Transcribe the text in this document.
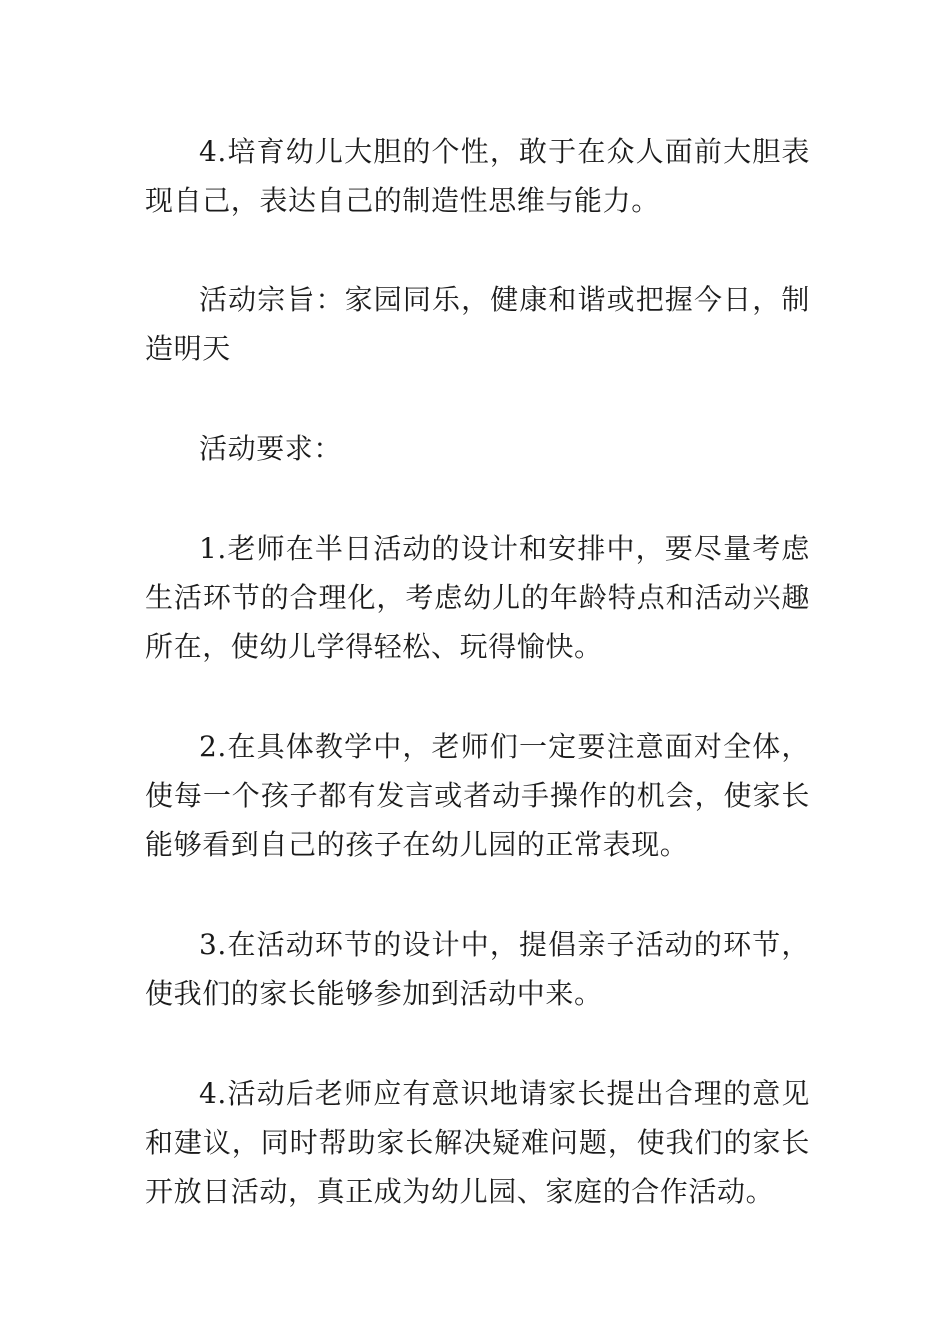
4.培育幼儿大胆的个性，敢于在众人面前大胆表现自己，表达自己的制造性思维与能力。

活动宗旨：家园同乐，健康和谐或把握今日，制造明天

活动要求：

1.老师在半日活动的设计和安排中，要尽量考虑生活环节的合理化，考虑幼儿的年龄特点和活动兴趣所在，使幼儿学得轻松、玩得愉快。

2.在具体教学中，老师们一定要注意面对全体，使每一个孩子都有发言或者动手操作的机会，使家长能够看到自己的孩子在幼儿园的正常表现。

3.在活动环节的设计中，提倡亲子活动的环节，使我们的家长能够参加到活动中来。

4.活动后老师应有意识地请家长提出合理的意见和建议，同时帮助家长解决疑难问题，使我们的家长开放日活动，真正成为幼儿园、家庭的合作活动。
